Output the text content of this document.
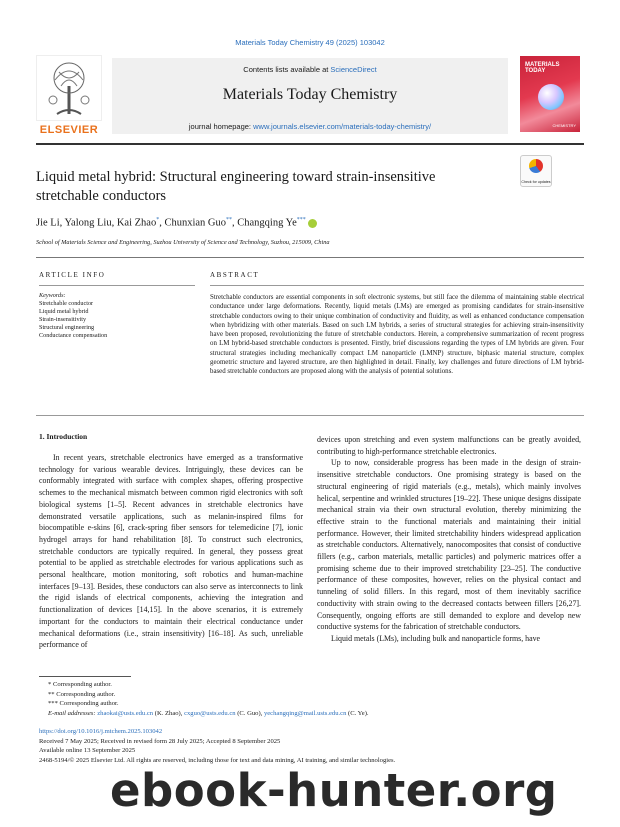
Materials Today Chemistry 49 (2025) 103042
ELSEVIER
Contents lists available at ScienceDirect
Materials Today Chemistry
journal homepage: www.journals.elsevier.com/materials-today-chemistry/
MATERIALS TODAY
CHEMISTRY
Liquid metal hybrid: Structural engineering toward strain-insensitive stretchable conductors
Check for updates
Jie Li, Yalong Liu, Kai Zhao*, Chunxian Guo**, Changqing Ye***
School of Materials Science and Engineering, Suzhou University of Science and Technology, Suzhou, 215009, China
ARTICLE INFO	ABSTRACT
Keywords:
Stretchable conductor
Liquid metal hybrid
Strain-insensitivity
Structural engineering
Conductance compensation
Stretchable conductors are essential components in soft electronic systems, but still face the dilemma of maintaining stable electrical conductance under large deformations. Recently, liquid metals (LMs) are emerged as promising candidates for strain-insensitive stretchable conductors owing to their unique combination of conductivity and fluidity, as well as enhanced conductance compensation when hybridizing with other materials. Based on such LM hybrids, a series of structural strategies for achieving strain-insensitivity have been proposed, revolutionizing the future of stretchable conductors. Herein, a comprehensive summarization of recent progress on LM hybrid-based stretchable conductors is presented. Firstly, brief discussions regarding the types of LM hybrids are given. Four structural strategies including mechanically compact LM nanoparticle (LMNP) structure, biphasic material structure, complex geometric structure and layered structure, are then highlighted in detail. Finally, key challenges and future directions of LM hybrid-based stretchable conductors are proposed along with the analysis of potential solutions.
1. Introduction
In recent years, stretchable electronics have emerged as a transformative technology for various wearable devices. Intriguingly, these devices can be conformably integrated with surface with complex shapes, offering prospective schemes to the mechanical mismatch between common rigid electronics with soft biological systems [1–5]. Recent advances in stretchable electronics have demonstrated versatile applications, such as melanin-inspired films for biocompatible e-skins [6], crack-spring fiber sensors for telemedicine [7], ionic hydrogel arrays for hand rehabilitation [8]. To construct such electronics, stretchable conductors are typically required. In general, they possess great potential to be applied as stretchable electrodes for various applications such as personal healthcare, motion monitoring, soft robotics and human-machine interfaces [9–13]. Besides, these conductors can also serve as interconnects to link the rigid islands of electrical components, achieving the integration and functionalization of devices [14,15]. In the above scenarios, it is extremely important for the conductors to maintain their electrical conductance under mechanical deformations (i.e., strain insensitivity) [16–18]. As such, unreliable performance of

devices upon stretching and even system malfunctions can be greatly avoided, contributing to high-performance stretchable electronics.

Up to now, considerable progress has been made in the design of strain-insensitive stretchable conductors. One promising strategy is based on the structural engineering of rigid materials (e.g., metals), which mainly involves helical, serpentine and wrinkled structures [19–22]. These unique designs dissipate mechanical strain via their own structural evolution, thereby minimizing the effective strain to the functional materials and maintaining their initial performance. However, their limited stretchability hinders widespread application as stretchable conductors. Alternatively, nanocomposites that consist of conductive fillers (e.g., carbon materials, metallic particles) and polymeric matrices offer a promising scheme due to their improved stretchability [23–25]. The conductive performance of these composites, however, relies on the physical contact and tunneling of solid fillers. In this regard, most of them inevitably sacrifice conductivity with strain owing to the decreased contacts between fillers [26,27]. Consequently, ongoing efforts are still demanded to explore and develop new conductive systems for the fabrication of stretchable conductors.

Liquid metals (LMs), including bulk and nanoparticle forms, have

* Corresponding author.
** Corresponding author.
*** Corresponding author.
E-mail addresses: zhaokai@usts.edu.cn (K. Zhao), cxguo@usts.edu.cn (C. Guo), yechangqing@mail.usts.edu.cn (C. Ye).
https://doi.org/10.1016/j.mtchem.2025.103042
Received 7 May 2025; Received in revised form 28 July 2025; Accepted 8 September 2025
Available online 13 September 2025
2468-5194/© 2025 Elsevier Ltd. All rights are reserved, including those for text and data mining, AI training, and similar technologies.
ebook-hunter.org
